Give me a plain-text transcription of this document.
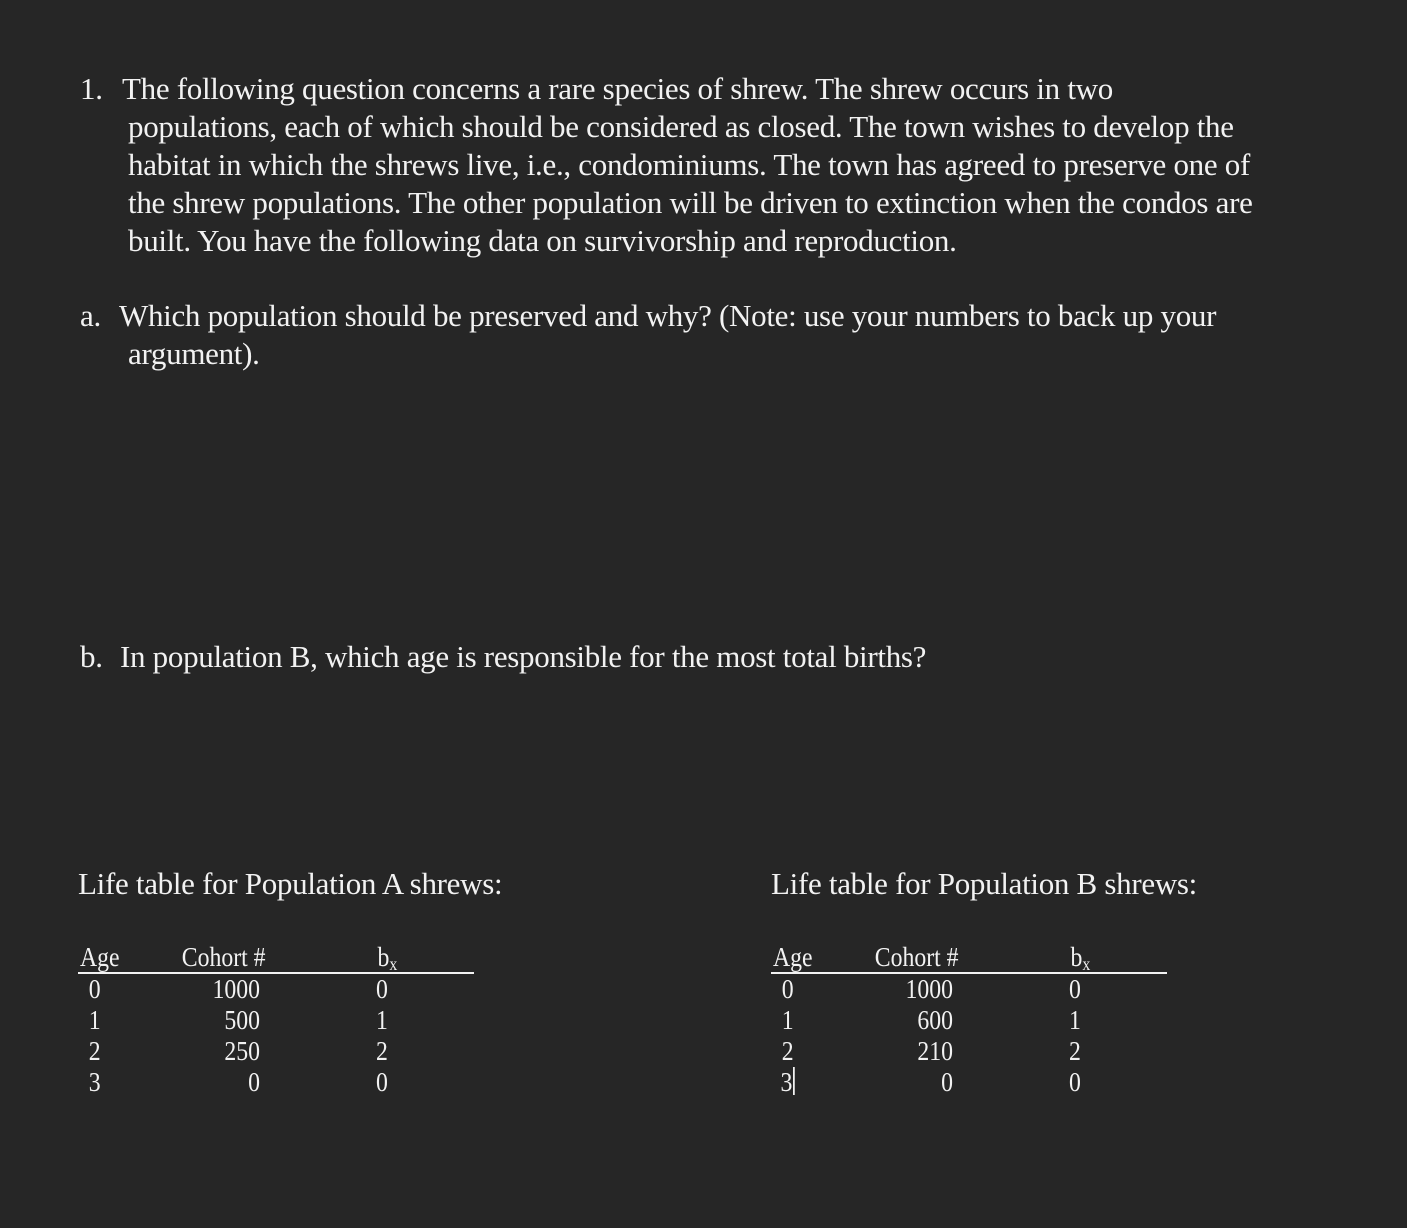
1. The following question concerns a rare species of shrew. The shrew occurs in two

populations, each of which should be considered as closed. The town wishes to develop the

habitat in which the shrews live, i.e., condominiums. The town has agreed to preserve one of

the shrew populations. The other population will be driven to extinction when the condos are

built. You have the following data on survivorship and reproduction.

a. Which population should be preserved and why? (Note: use your numbers to back up your

argument).

b. In population B, which age is responsible for the most total births?

Life table for Population A shrews:	Life table for Population B shrews:
Age Cohort #	$b_x$
0	1000	0
1	500	1
2	250	2
3	0	0
Age Cohort #	$b_x$
0	1000	0
1	600	1
2	210	2
3	0	0
